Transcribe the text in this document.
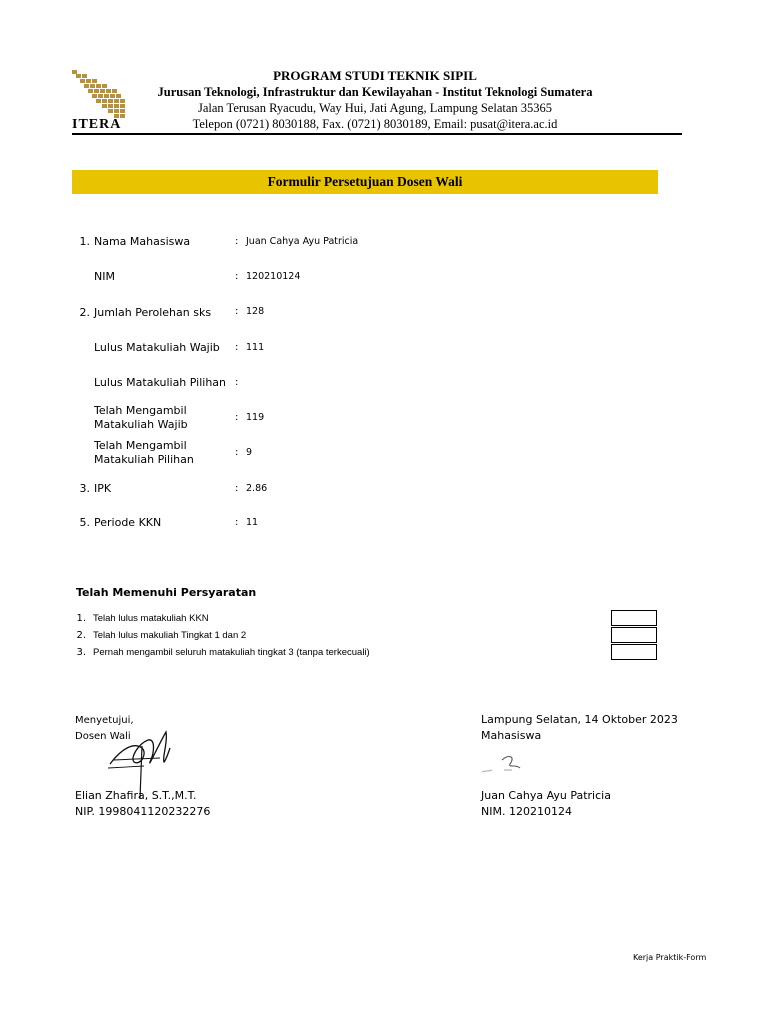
ITERA
PROGRAM STUDI TEKNIK SIPIL
Jurusan Teknologi, Infrastruktur dan Kewilayahan - Institut Teknologi Sumatera
Jalan Terusan Ryacudu, Way Hui, Jati Agung, Lampung Selatan 35365
Telepon (0721) 8030188, Fax. (0721) 8030189, Email: pusat@itera.ac.id
Formulir Persetujuan Dosen Wali
1. Nama Mahasiswa	: Juan Cahya Ayu Patricia
NIM	: 120210124
2. Jumlah Perolehan sks : 128
Lulus Matakuliah Wajib : 111
Lulus Matakuliah Pilihan :
Telah Mengambil
Matakuliah Wajib
: 119
Telah Mengambil
Matakuliah Pilihan
: 9
3. IPK	: 2.86
5. Periode KKN	: 11
Telah Memenuhi Persyaratan
1. Telah lulus matakuliah KKN
2. Telah lulus makuliah Tingkat 1 dan 2
3. Pernah mengambil seluruh matakuliah tingkat 3 (tanpa terkecuali)
Menyetujui,
Dosen Wali
Elian Zhafira, S.T.,M.T.
NIP. 1998041120232276
Lampung Selatan, 14 Oktober 2023
Mahasiswa
Juan Cahya Ayu Patricia
NIM. 120210124
Kerja Praktik-Form
